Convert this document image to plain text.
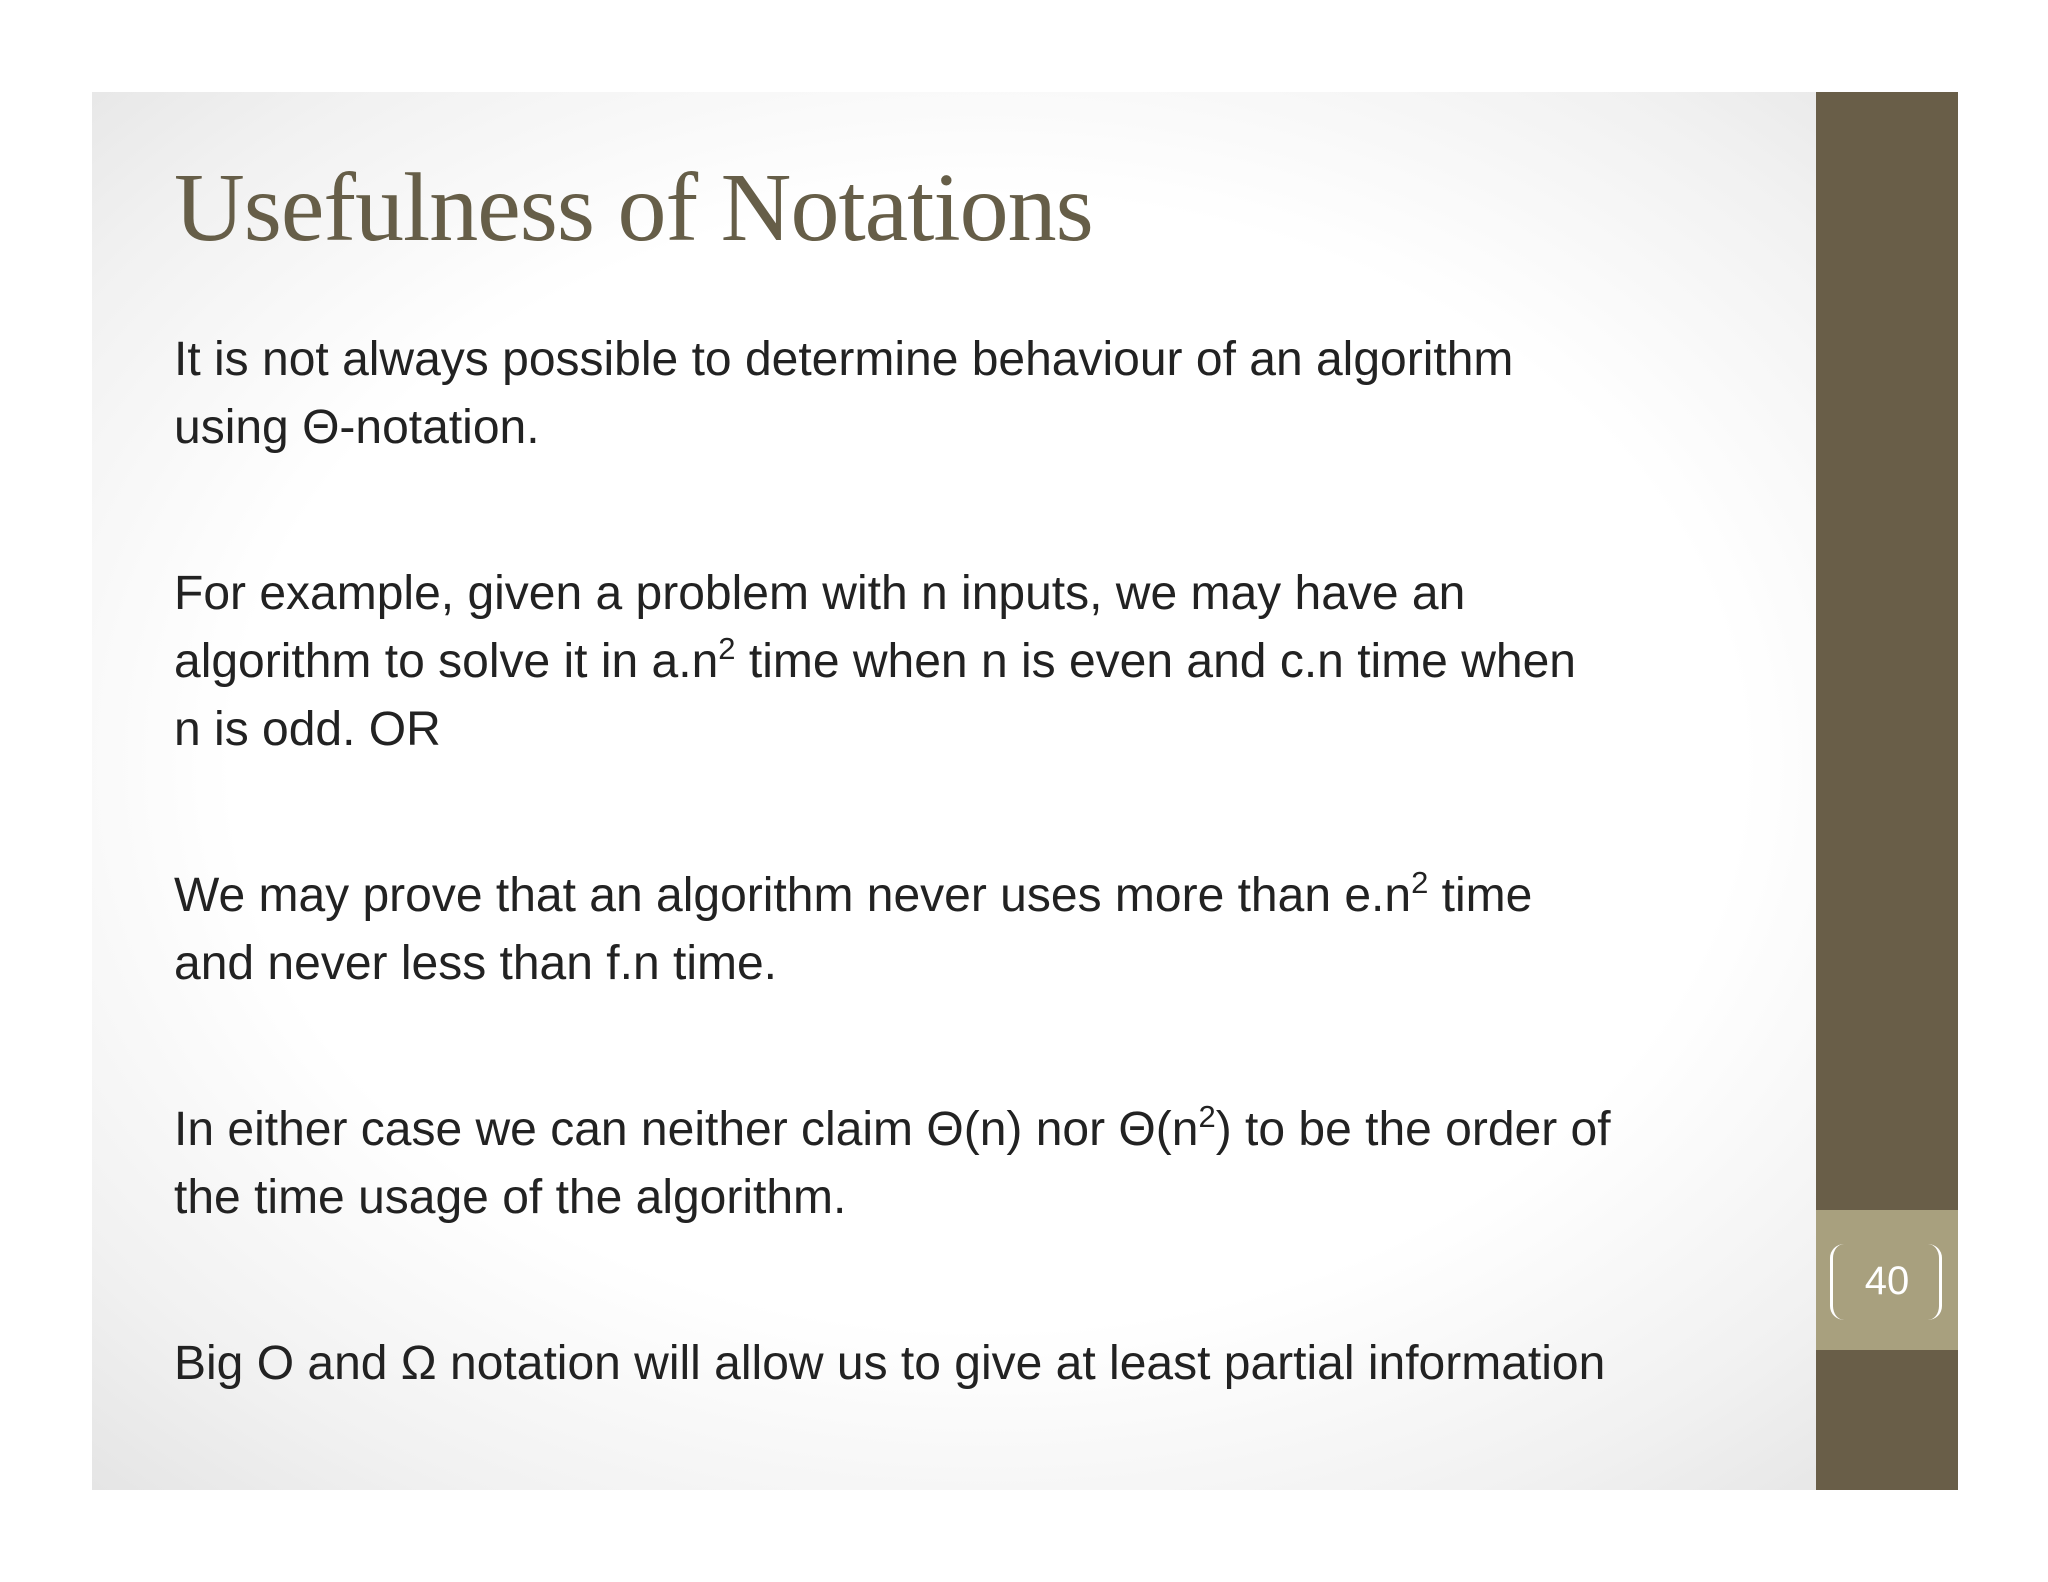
Usefulness of Notations

It is not always possible to determine behaviour of an algorithm
using Θ-notation.

For example, given a problem with n inputs, we may have an
algorithm to solve it in $a.n^2$ time when n is even and c.n time when
n is odd. OR

We may prove that an algorithm never uses more than $e.n^2$ time
and never less than f.n time.

In either case we can neither claim Θ(n) nor $\Theta(n^2)$ to be the order of
the time usage of the algorithm.

Big O and Ω notation will allow us to give at least partial information

40
